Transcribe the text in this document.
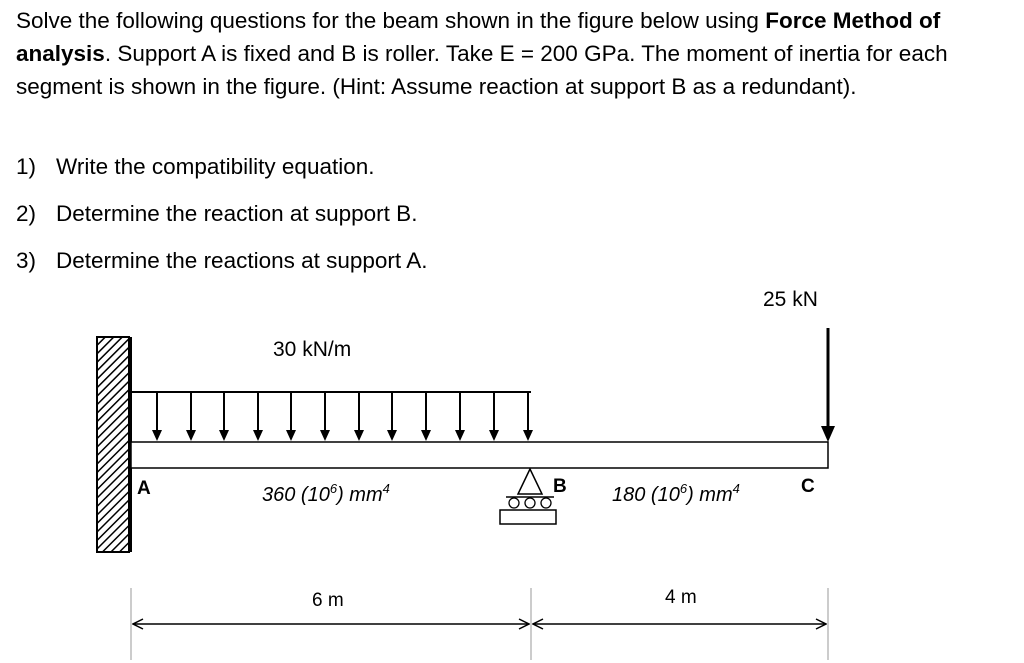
Solve the following questions for the beam shown in the figure below using Force Method of analysis. Support A is fixed and B is roller. Take E = 200 GPa. The moment of inertia for each segment is shown in the figure. (Hint: Assume reaction at support B as a redundant).
1) Write the compatibility equation.
2) Determine the reaction at support B.
3) Determine the reactions at support A.
30 kN/m
25 kN
A	B	C
360 $(10^6)$ $mm^4$	180 $(10^6)$ $mm^4$
6 m	4 m
